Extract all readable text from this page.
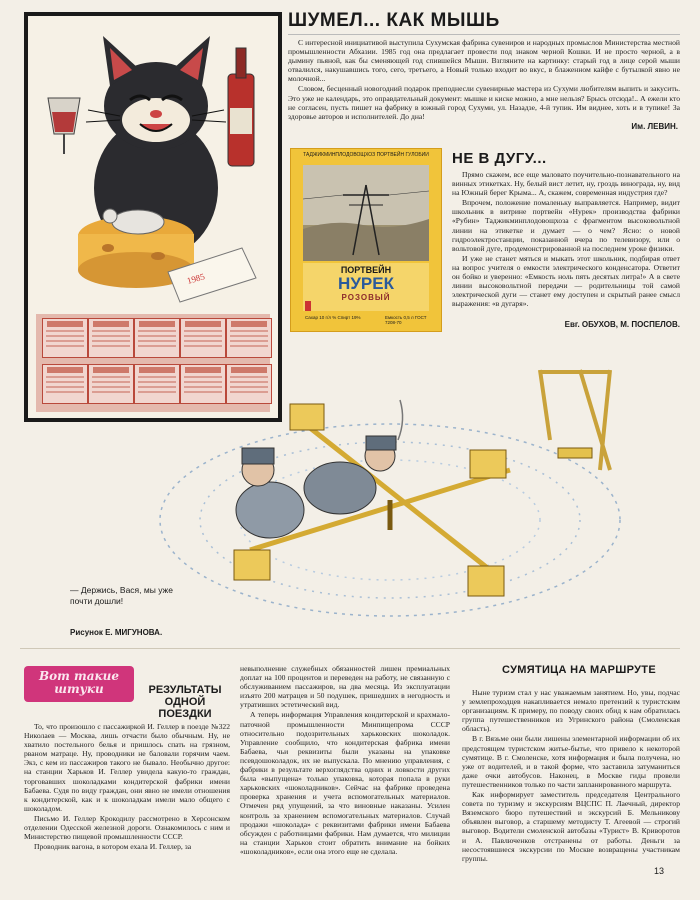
1985
ШУМЕЛ... КАК МЫШЬ

С интересной инициативой выступила Сухумская фабрика сувениров и народных промыслов Министерства местной промышленности Абхазии. 1985 год она предлагает провести под знаком черной Кошки. И не просто черной, а в дымину пьяной, как бы сменяющей год спившейся Мыши. Взгляните на картинку: старый год в лице серой мыши отвалился, накушавшись того, сего, третьего, а Новый только входит во вкус, в блаженном кайфе с бутылкой явно не молочной...

Словом, бесценный новогодний подарок преподнесли сувенирные мастера из Сухуми любителям выпить и закусить. Это уже не календарь, это оправдательный документ: мышке и киске можно, а мне нельзя? Брысь отсюда!.. А ежели кто не согласен, пусть пишет на фабрику в южный город Сухуми, ул. Назадзе, 4-й тупик. Им виднее, хоть и в тупике! За здоровье авторов и исполнителей. До дна!

Им. ЛЕВИН.
ТАДЖИКМИНПЛОДОВОЩХОЗ ПОРТВЕЙН ГУЛОБИИ
ПОРТВЕЙН
НУРЕК
РОЗОВЫЙ
Сахар 10 г/л % Спирт 19%	Емкость 0,5 л ГОСТ 7208-70
НЕ В ДУГУ...

Прямо скажем, все еще маловато поучительно-познавательного на винных этикетках. Ну, белый вист летит, ну, гроздь винограда, ну, вид на Южный берег Крыма... А, скажем, современная индустрия где?

Впрочем, положение помаленьку выправляется. Например, видит школьник в витрине портвейн «Нурек» производства фабрики «Рубин» Таджикминплодовощхоза с фрагментом высоковольтной линии на этикетке и думает — о чем? Ясно: о новой гидроэлектростанции, показанной вчера по телевизору, или о вольтовой дуге, продемонстрированной на последнем уроке физики.

И уже не станет мяться и мыкать этот школьник, подбирая ответ на вопрос учителя о емкости электрического конденсатора. Ответит он бойко и уверенно: «Емкость ноль пять десятых литра!» А в свете линии высоковольтной передачи — родительницы той самой электрической дуги — станет ему доступен и скрытый ранее смысл выражения: «в дугаря».

Евг. ОБУХОВ, М. ПОСПЕЛОВ.
— Держись, Вася, мы уже почти дошли!
Рисунок Е. МИГУНОВА.
Вот такие штуки	РЕЗУЛЬТАТЫ
ОДНОЙ
ПОЕЗДКИ

То, что произошло с пассажиркой И. Геллер в поезде №322 Николаев — Москва, лишь отчасти было обычным. Ну, не хватило постельного белья и пришлось спать на грязном, рваном матраце. Ну, проводники не баловали горячим чаем. Экз, с кем из пассажиров такого не бывало. Необычно другое: на станции Харьков И. Геллер увидела какую-то граждан, торговавших шоколадками кондитерской фабрики имени Бабаева. Судя по виду граждан, они явно не имели отношения к кондитерской, как и к шоколадкам имели мало общего с шоколадом.

Письмо И. Геллер Крокодилу рассмотрено в Херсонском отделении Одесской железной дороги. Ознакомилось с ним и Министерство пищевой промышленности СССР.

Проводник вагона, в котором ехала И. Геллер, за

невыполнение служебных обязанностей лишен премиальных доплат на 100 процентов и переведен на работу, не связанную с обслуживанием пассажиров, на два месяца. Из эксплуатации изъято 200 матрацев и 50 подушек, пришедших в негодность и утративших эстетический вид.

А теперь информация Управления кондитерской и крахмало-паточной промышленности Минпищепрома СССР относительно подозрительных харьковских шоколадок. Управление сообщило, что кондитерская фабрика имени Бабаева, чьи реквизиты были указаны на упаковке псевдошоколадок, их не выпускала. По мнению управления, с фабрики в результате верхоглядства одних и ловкости других была «выпущена» только упаковка, которая попала в руки харьковских «шоколадников». Сейчас на фабрике проведена проверка хранения и учета вспомогательных материалов. Отмечен ряд упущений, за что виновные наказаны. Усилен контроль за хранением вспомогательных материалов. Случай продажи «шоколада» с реквизитами фабрики имени Бабаева обсужден с работницами фабрики. Нам думается, что милиции на станции Харьков стоит обратить внимание на бойких «шоколадников», если она этого еще не сделала.

СУМЯТИЦА НА МАРШРУТЕ

Ныне туризм стал у нас уважаемым занятием. Но, увы, подчас у землепроходцев накапливается немало претензий к туристским организациям. К примеру, по поводу своих обид к нам обратилась группа путешественников из Угринского района (Смоленская область).

В г. Вязьме они были лишены элементарной информации об их предстоящем туристском житье-бытье, что привело к некоторой сумятице. В г. Смоленске, хотя информация и была получена, но уже от водителей, и в такой форме, что заставила затуманиться даже очки автобусов. Наконец, в Москве гиды провели путешественников только по части запланированного маршрута.

Как информирует заместитель председателя Центрального совета по туризму и экскурсиям ВЦСПС П. Лаечный, директор Вяземского бюро путешествий и экскурсий Б. Мельникову объявлен выговор, а старшему методисту Т. Агеевой — строгий выговор. Водители смоленской автобазы «Турист» В. Криворотов и А. Павлюченков отстранены от работы. Деньги за несостоявшиеся экскурсии по Москве возвращены участникам группы.

13
